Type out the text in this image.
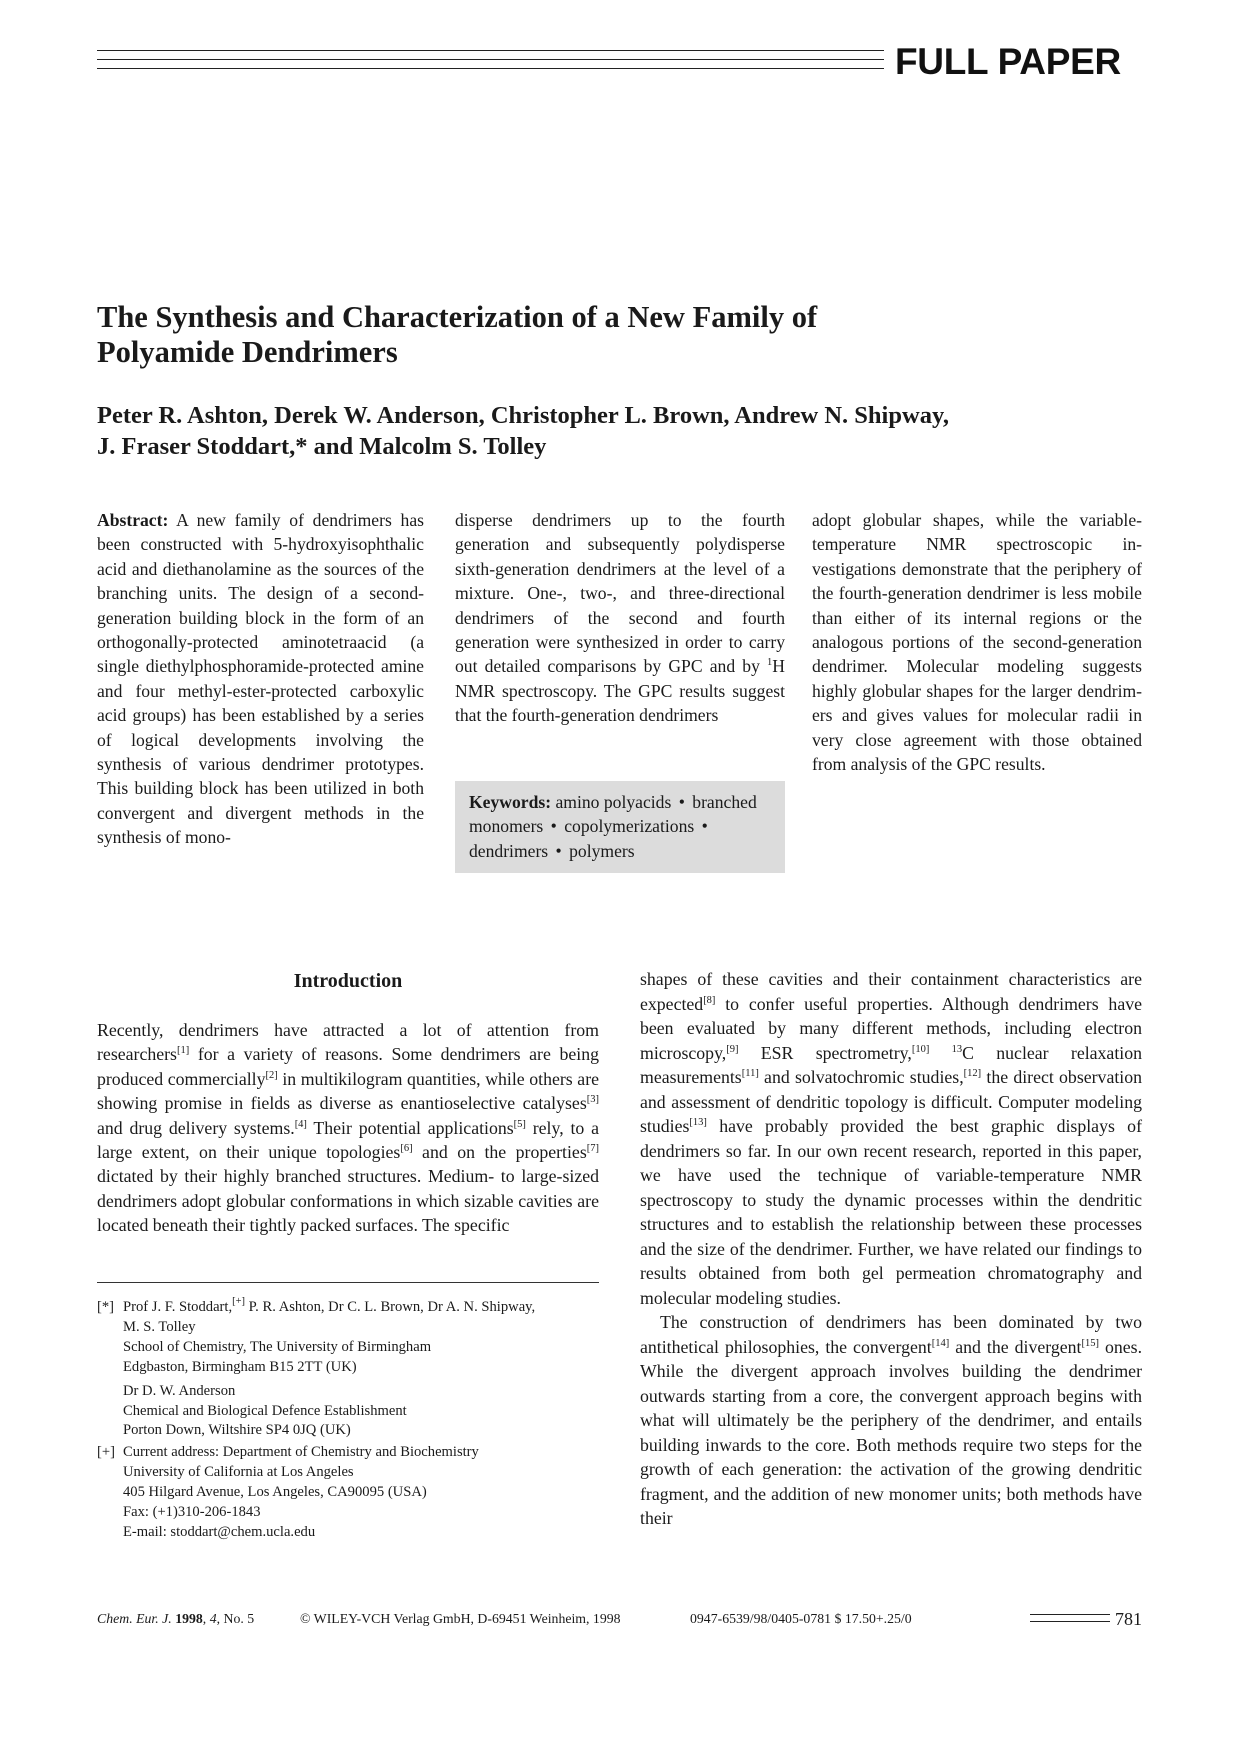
FULL PAPER
The Synthesis and Characterization of a New Family of
Polyamide Dendrimers
Peter R. Ashton, Derek W. Anderson, Christopher L. Brown, Andrew N. Shipway,
J. Fraser Stoddart,* and Malcolm S. Tolley

Abstract: A new family of dendrimers has been constructed with 5-hydroxyisophthalic acid and diethanolamine as the sources of the branching units. The design of a second-generation building block in the form of an orthogonally-protected aminotetraacid (a single diethylphosphoramide-protected amine and four methyl-ester-protected carboxylic acid groups) has been established by a series of logical developments involving the synthesis of various dendrimer prototypes. This building block has been utilized in both convergent and divergent methods in the synthesis of mono-

disperse dendrimers up to the fourth generation and subsequently polydisperse sixth-generation dendrimers at the level of a mixture. One-, two-, and three-directional dendrimers of the second and fourth generation were synthesized in order to carry out detailed comparisons by GPC and by $^1$H NMR spectroscopy. The GPC results suggest that the fourth-generation dendrimers

adopt globular shapes, while the variable-temperature NMR spectroscopic investigations demonstrate that the periphery of the fourth-generation dendrimer is less mobile than either of its internal regions or the analogous portions of the second-generation dendrimer. Molecular modeling suggests highly globular shapes for the larger dendrimers and gives values for molecular radii in very close agreement with those obtained from analysis of the GPC results.

Keywords: amino polyacids • branched monomers • copolymerizations • dendrimers • polymers
Introduction

Recently, dendrimers have attracted a lot of attention from researchers[1] for a variety of reasons. Some dendrimers are being produced commercially[2] in multikilogram quantities, while others are showing promise in fields as diverse as enantioselective catalyses[3] and drug delivery systems.[4] Their potential applications[5] rely, to a large extent, on their unique topologies[6] and on the properties[7] dictated by their highly branched structures. Medium- to large-sized dendrimers adopt globular conformations in which sizable cavities are located beneath their tightly packed surfaces. The specific

shapes of these cavities and their containment characteristics are expected[8] to confer useful properties. Although dendrimers have been evaluated by many different methods, including electron microscopy,[9] ESR spectrometry,[10] $^{13}$C nuclear relaxation measurements[11] and solvatochromic studies,[12] the direct observation and assessment of dendritic topology is difficult. Computer modeling studies[13] have probably provided the best graphic displays of dendrimers so far. In our own recent research, reported in this paper, we have used the technique of variable-temperature NMR spectroscopy to study the dynamic processes within the dendritic structures and to establish the relationship between these processes and the size of the dendrimer. Further, we have related our findings to results obtained from both gel permeation chromatography and molecular modeling studies.

The construction of dendrimers has been dominated by two antithetical philosophies, the convergent[14] and the divergent[15] ones. While the divergent approach involves building the dendrimer outwards starting from a core, the convergent approach begins with what will ultimately be the periphery of the dendrimer, and entails building inwards to the core. Both methods require two steps for the growth of each generation: the activation of the growing dendritic fragment, and the addition of new monomer units; both methods have their

[*] Prof J. F. Stoddart,[+] P. R. Ashton, Dr C. L. Brown, Dr A. N. Shipway,
M. S. Tolley
School of Chemistry, The University of Birmingham
Edgbaston, Birmingham B15 2TT (UK)
Dr D. W. Anderson
Chemical and Biological Defence Establishment
Porton Down, Wiltshire SP4 0JQ (UK)
[+] Current address: Department of Chemistry and Biochemistry
University of California at Los Angeles
405 Hilgard Avenue, Los Angeles, CA90095 (USA)
Fax: (+1)310-206-1843
E-mail: stoddart@chem.ucla.edu
Chem. Eur. J. 1998, 4, No. 5	© WILEY-VCH Verlag GmbH, D-69451 Weinheim, 1998	0947-6539/98/0405-0781 $ 17.50+.25/0	781
